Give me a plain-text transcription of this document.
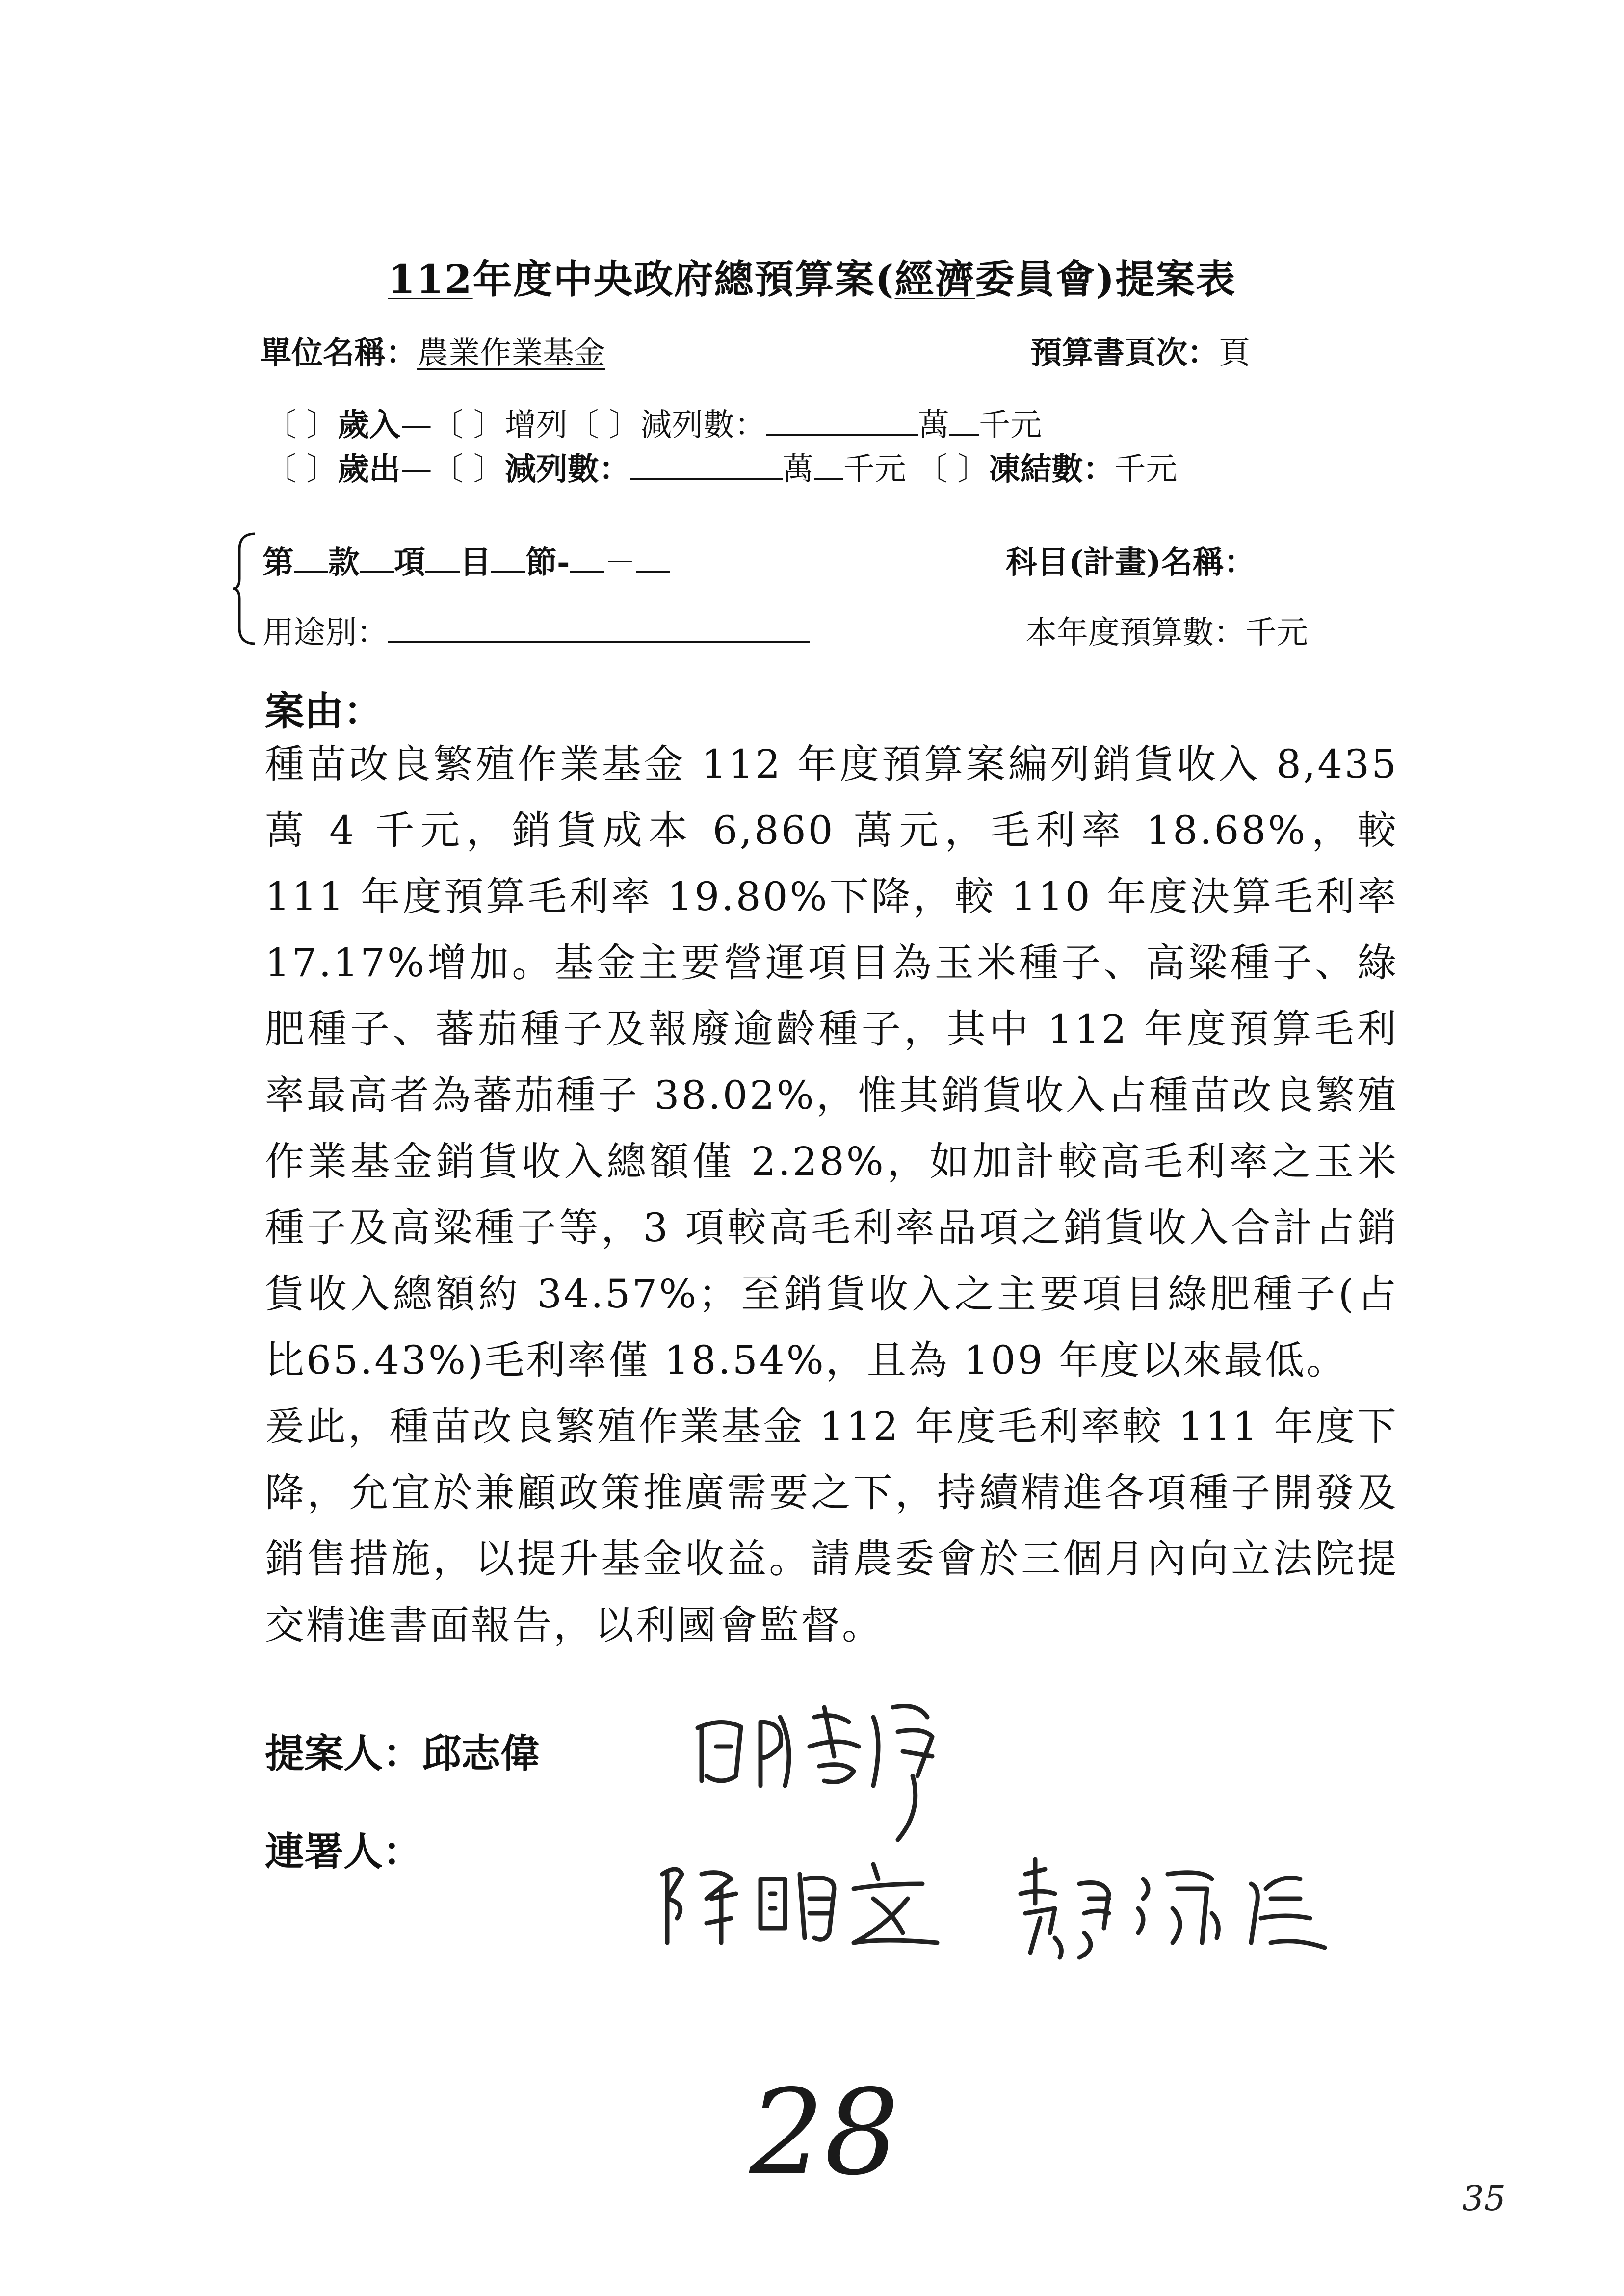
112年度中央政府總預算案(經濟委員會)提案表
單位名稱：農業作業基金	預算書頁次：頁
〔 〕歲入—〔 〕增列〔 〕減列數：	萬 千元
〔 〕歲出—〔 〕減列數：	萬 千元 〔 〕凍結數：千元
第 款 項 目 節- －	科目(計畫)名稱：
用途別：	本年度預算數：千元
案由：

種苗改良繁殖作業基金 112 年度預算案編列銷貨收入 8,435 萬 4 千元，銷貨成本 6,860 萬元，毛利率 18.68%，較 111 年度預算毛利率 19.80%下降，較 110 年度決算毛利率 17.17%增加。基金主要營運項目為玉米種子、高粱種子、綠肥種子、蕃茄種子及報廢逾齡種子，其中 112 年度預算毛利率最高者為蕃茄種子 38.02%，惟其銷貨收入占種苗改良繁殖作業基金銷貨收入總額僅 2.28%，如加計較高毛利率之玉米種子及高粱種子等，3 項較高毛利率品項之銷貨收入合計占銷貨收入總額約 34.57%；至銷貨收入之主要項目綠肥種子(占比65.43%)毛利率僅 18.54%，且為 109 年度以來最低。

爰此，種苗改良繁殖作業基金 112 年度毛利率較 111 年度下降，允宜於兼顧政策推廣需要之下，持續精進各項種子開發及銷售措施，以提升基金收益。請農委會於三個月內向立法院提交精進書面報告，以利國會監督。

提案人：邱志偉
連署人：
28	35
